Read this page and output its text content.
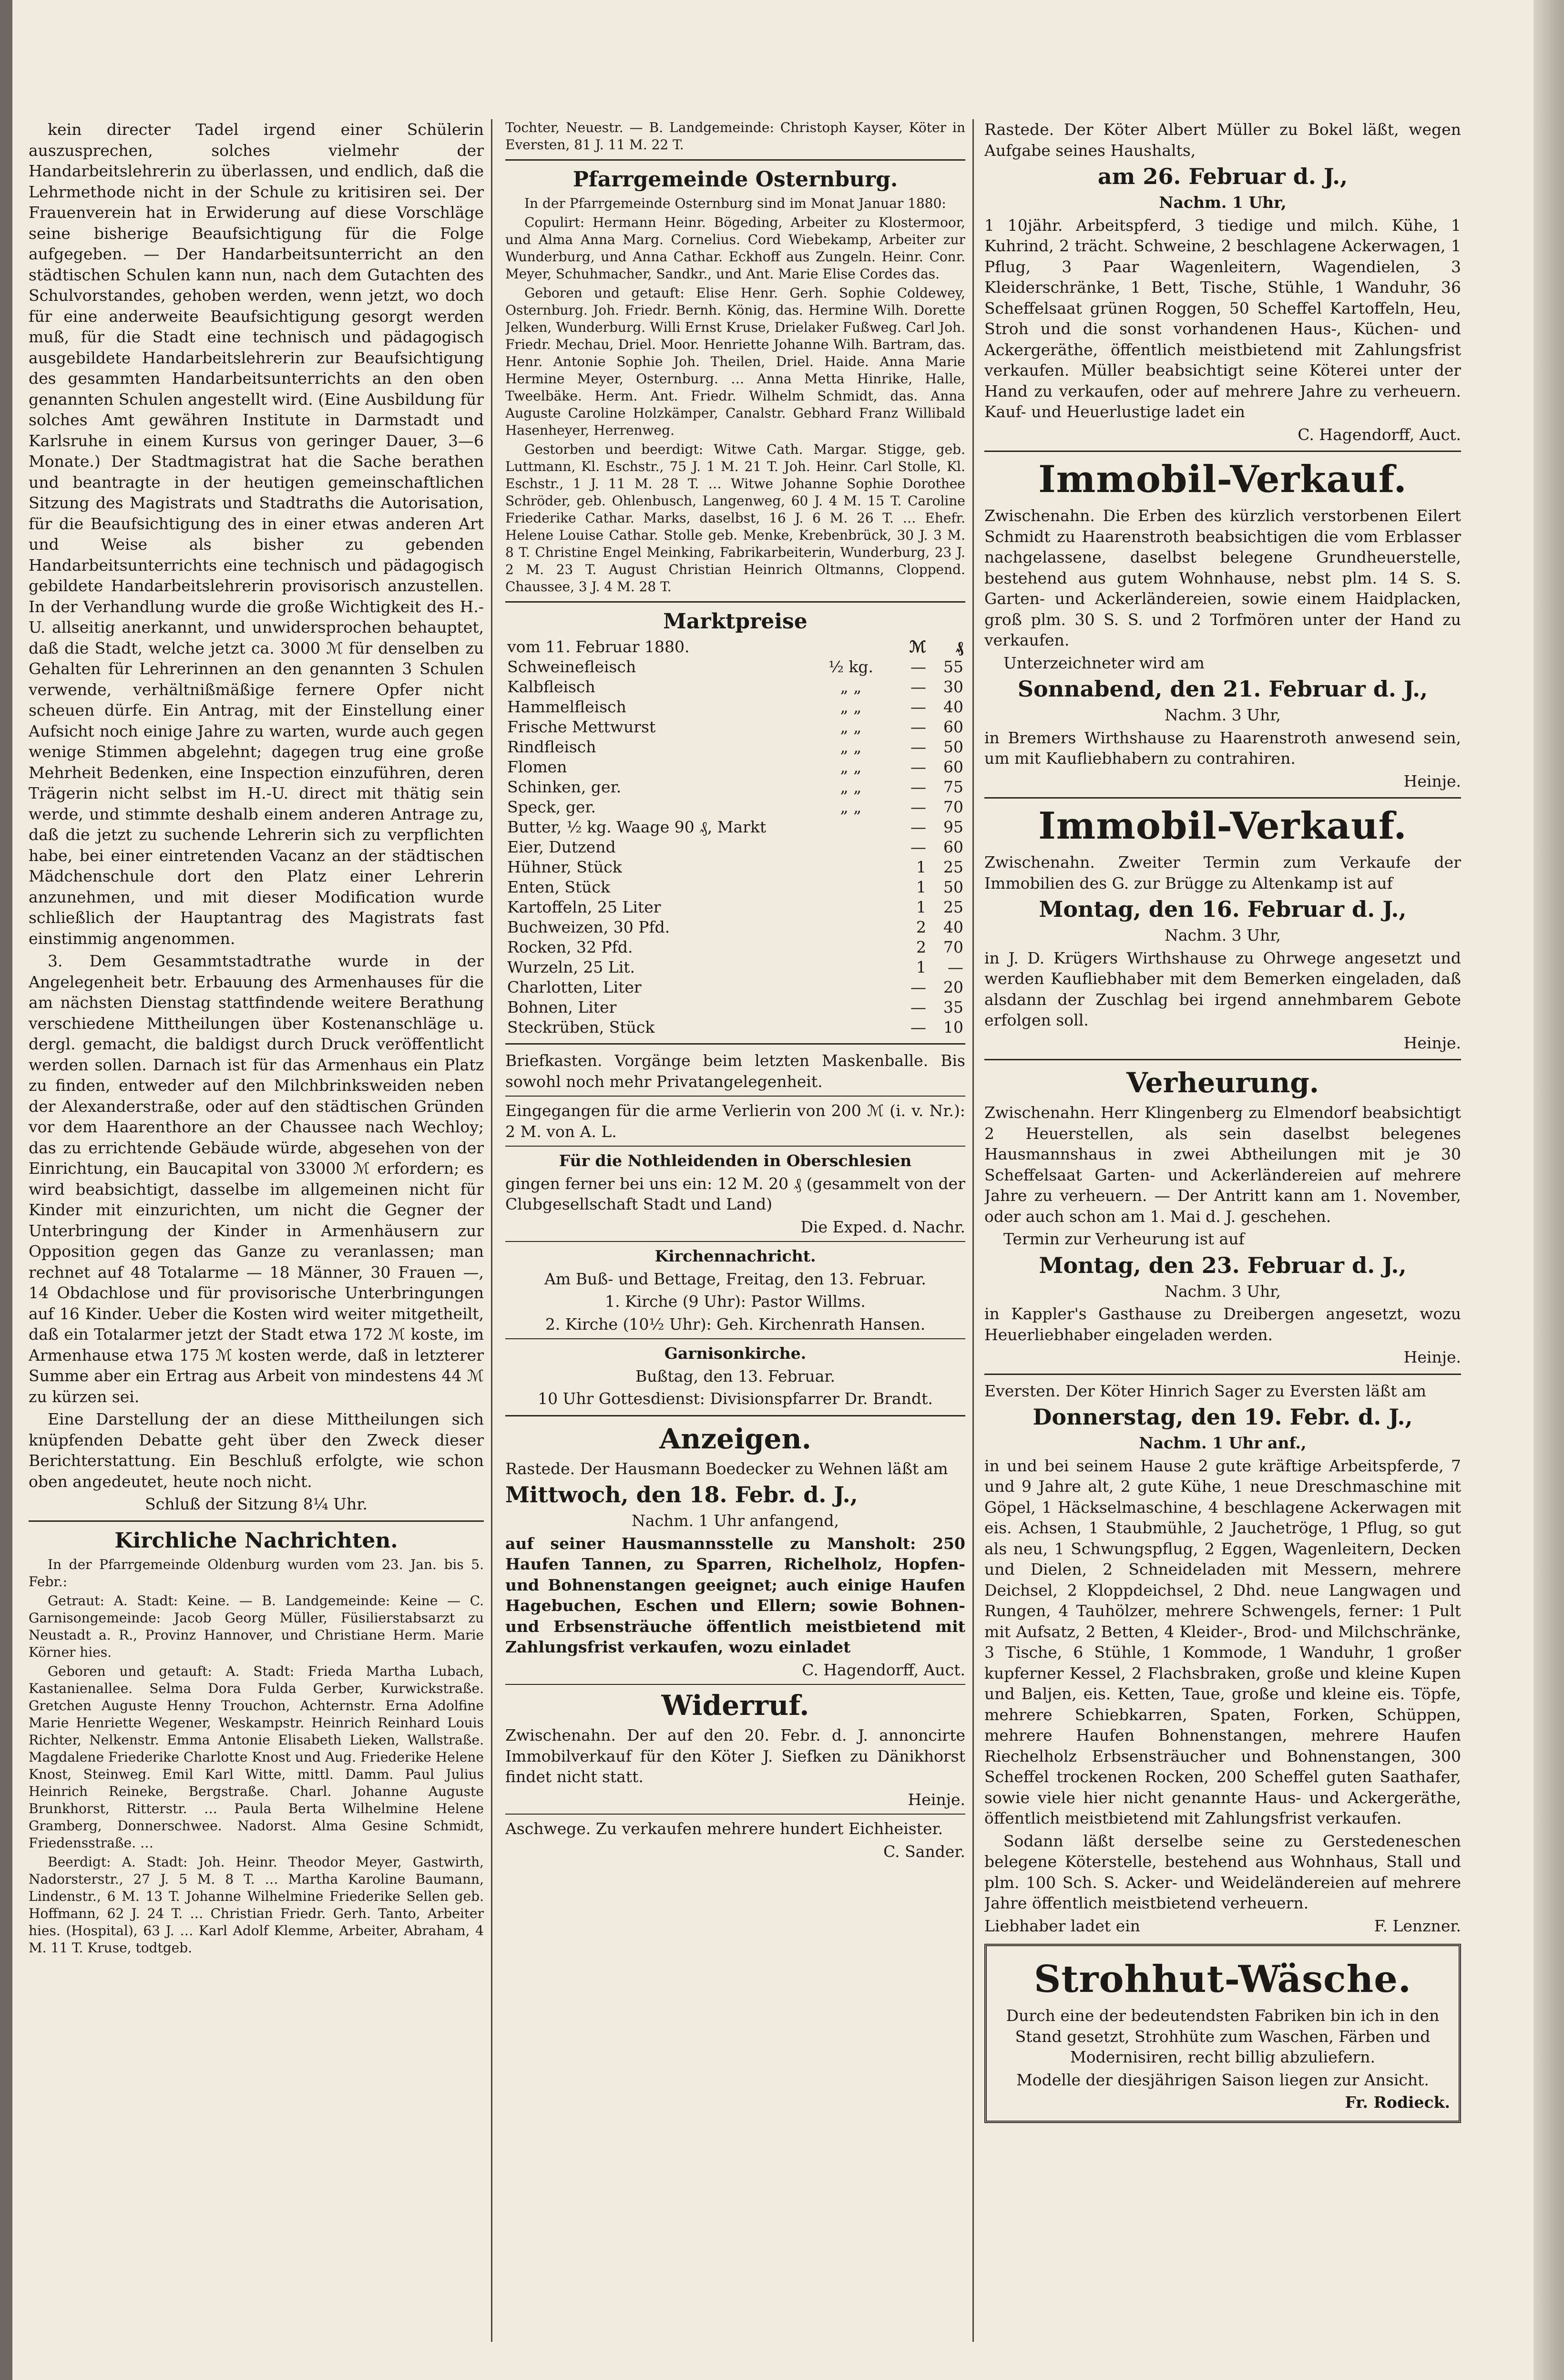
kein directer Tadel irgend einer Schülerin auszusprechen, solches vielmehr der Handarbeitslehrerin zu überlassen, und endlich, daß die Lehrmethode nicht in der Schule zu kritisiren sei. Der Frauenverein hat in Erwiderung auf diese Vorschläge seine bisherige Beaufsichtigung für die Folge aufgegeben. — Der Handarbeitsunterricht an den städtischen Schulen kann nun, nach dem Gutachten des Schulvorstandes, gehoben werden, wenn jetzt, wo doch für eine anderweite Beaufsichtigung gesorgt werden muß, für die Stadt eine technisch und pädagogisch ausgebildete Handarbeitslehrerin zur Beaufsichtigung des gesammten Handarbeitsunterrichts an den oben genannten Schulen angestellt wird. (Eine Ausbildung für solches Amt gewähren Institute in Darmstadt und Karlsruhe in einem Kursus von geringer Dauer, 3—6 Monate.) Der Stadtmagistrat hat die Sache berathen und beantragte in der heutigen gemeinschaftlichen Sitzung des Magistrats und Stadtraths die Autorisation, für die Beaufsichtigung des in einer etwas anderen Art und Weise als bisher zu gebenden Handarbeitsunterrichts eine technisch und pädagogisch gebildete Handarbeitslehrerin provisorisch anzustellen. In der Verhandlung wurde die große Wichtigkeit des H.-U. allseitig anerkannt, und unwidersprochen behauptet, daß die Stadt, welche jetzt ca. 3000 ℳ für denselben zu Gehalten für Lehrerinnen an den genannten 3 Schulen verwende, verhältnißmäßige fernere Opfer nicht scheuen dürfe. Ein Antrag, mit der Einstellung einer Aufsicht noch einige Jahre zu warten, wurde auch gegen wenige Stimmen abgelehnt; dagegen trug eine große Mehrheit Bedenken, eine Inspection einzuführen, deren Trägerin nicht selbst im H.-U. direct mit thätig sein werde, und stimmte deshalb einem anderen Antrage zu, daß die jetzt zu suchende Lehrerin sich zu verpflichten habe, bei einer eintretenden Vacanz an der städtischen Mädchenschule dort den Platz einer Lehrerin anzunehmen, und mit dieser Modification wurde schließlich der Hauptantrag des Magistrats fast einstimmig angenommen.

3. Dem Gesammtstadtrathe wurde in der Angelegenheit betr. Erbauung des Armenhauses für die am nächsten Dienstag stattfindende weitere Berathung verschiedene Mittheilungen über Kostenanschläge u. dergl. gemacht, die baldigst durch Druck veröffentlicht werden sollen. Darnach ist für das Armenhaus ein Platz zu finden, entweder auf den Milchbrinksweiden neben der Alexanderstraße, oder auf den städtischen Gründen vor dem Haarenthore an der Chaussee nach Wechloy; das zu errichtende Gebäude würde, abgesehen von der Einrichtung, ein Baucapital von 33000 ℳ erfordern; es wird beabsichtigt, dasselbe im allgemeinen nicht für Kinder mit einzurichten, um nicht die Gegner der Unterbringung der Kinder in Armenhäusern zur Opposition gegen das Ganze zu veranlassen; man rechnet auf 48 Totalarme — 18 Männer, 30 Frauen —, 14 Obdachlose und für provisorische Unterbringungen auf 16 Kinder. Ueber die Kosten wird weiter mitgetheilt, daß ein Totalarmer jetzt der Stadt etwa 172 ℳ koste, im Armenhause etwa 175 ℳ kosten werde, daß in letzterer Summe aber ein Ertrag aus Arbeit von mindestens 44 ℳ zu kürzen sei.

Eine Darstellung der an diese Mittheilungen sich knüpfenden Debatte geht über den Zweck dieser Berichterstattung. Ein Beschluß erfolgte, wie schon oben angedeutet, heute noch nicht.

Schluß der Sitzung 8¼ Uhr.

Kirchliche Nachrichten.

In der Pfarrgemeinde Oldenburg wurden vom 23. Jan. bis 5. Febr.:

Getraut: A. Stadt: Keine. — B. Landgemeinde: Keine — C. Garnisongemeinde: Jacob Georg Müller, Füsilierstabsarzt zu Neustadt a. R., Provinz Hannover, und Christiane Herm. Marie Körner hies.

Geboren und getauft: A. Stadt: Frieda Martha Lubach, Kastanienallee. Selma Dora Fulda Gerber, Kurwickstraße. Gretchen Auguste Henny Trouchon, Achternstr. Erna Adolfine Marie Henriette Wegener, Weskampstr. Heinrich Reinhard Louis Richter, Nelkenstr. Emma Antonie Elisabeth Lieken, Wallstraße. Magdalene Friederike Charlotte Knost und Aug. Friederike Helene Knost, Steinweg. Emil Karl Witte, mittl. Damm. Paul Julius Heinrich Reineke, Bergstraße. Charl. Johanne Auguste Brunkhorst, Ritterstr. … Paula Berta Wilhelmine Helene Gramberg, Donnerschwee. Nadorst. Alma Gesine Schmidt, Friedensstraße. …

Beerdigt: A. Stadt: Joh. Heinr. Theodor Meyer, Gastwirth, Nadorsterstr., 27 J. 5 M. 8 T. … Martha Karoline Baumann, Lindenstr., 6 M. 13 T. Johanne Wilhelmine Friederike Sellen geb. Hoffmann, 62 J. 24 T. … Christian Friedr. Gerh. Tanto, Arbeiter hies. (Hospital), 63 J. … Karl Adolf Klemme, Arbeiter, Abraham, 4 M. 11 T. Kruse, todtgeb.

Tochter, Neuestr. — B. Landgemeinde: Christoph Kayser, Köter in Eversten, 81 J. 11 M. 22 T.

Pfarrgemeinde Osternburg.

In der Pfarrgemeinde Osternburg sind im Monat Januar 1880:

Copulirt: Hermann Heinr. Bögeding, Arbeiter zu Klostermoor, und Alma Anna Marg. Cornelius. Cord Wiebekamp, Arbeiter zur Wunderburg, und Anna Cathar. Eckhoff aus Zungeln. Heinr. Conr. Meyer, Schuhmacher, Sandkr., und Ant. Marie Elise Cordes das.

Geboren und getauft: Elise Henr. Gerh. Sophie Coldewey, Osternburg. Joh. Friedr. Bernh. König, das. Hermine Wilh. Dorette Jelken, Wunderburg. Willi Ernst Kruse, Drielaker Fußweg. Carl Joh. Friedr. Mechau, Driel. Moor. Henriette Johanne Wilh. Bartram, das. Henr. Antonie Sophie Joh. Theilen, Driel. Haide. Anna Marie Hermine Meyer, Osternburg. … Anna Metta Hinrike, Halle, Tweelbäke. Herm. Ant. Friedr. Wilhelm Schmidt, das. Anna Auguste Caroline Holzkämper, Canalstr. Gebhard Franz Willibald Hasenheyer, Herrenweg.

Gestorben und beerdigt: Witwe Cath. Margar. Stigge, geb. Luttmann, Kl. Eschstr., 75 J. 1 M. 21 T. Joh. Heinr. Carl Stolle, Kl. Eschstr., 1 J. 11 M. 28 T. … Witwe Johanne Sophie Dorothee Schröder, geb. Ohlenbusch, Langenweg, 60 J. 4 M. 15 T. Caroline Friederike Cathar. Marks, daselbst, 16 J. 6 M. 26 T. … Ehefr. Helene Louise Cathar. Stolle geb. Menke, Krebenbrück, 30 J. 3 M. 8 T. Christine Engel Meinking, Fabrikarbeiterin, Wunderburg, 23 J. 2 M. 23 T. August Christian Heinrich Oltmanns, Cloppend. Chaussee, 3 J. 4 M. 28 T.

Marktpreise
vom 11. Februar 1880.		ℳ	₰
Schweinefleisch	½ kg.	—	55
Kalbfleisch	„ „	—	30
Hammelfleisch	„ „	—	40
Frische Mettwurst	„ „	—	60
Rindfleisch	„ „	—	50
Flomen	„ „	—	60
Schinken, ger.	„ „	—	75
Speck, ger.	„ „	—	70
Butter, ½ kg. Waage 90 ₰, Markt		—	95
Eier, Dutzend		—	60
Hühner, Stück		1	25
Enten, Stück		1	50
Kartoffeln, 25 Liter		1	25
Buchweizen, 30 Pfd.		2	40
Rocken, 32 Pfd.		2	70
Wurzeln, 25 Lit.		1	—
Charlotten, Liter		—	20
Bohnen, Liter		—	35
Steckrüben, Stück		—	10

Briefkasten. Vorgänge beim letzten Maskenballe. Bis sowohl noch mehr Privatangelegenheit.

Eingegangen für die arme Verlierin von 200 ℳ (i. v. Nr.): 2 M. von A. L.

Für die Nothleidenden in Oberschlesien

gingen ferner bei uns ein: 12 M. 20 ₰ (gesammelt von der Clubgesellschaft Stadt und Land)

Die Exped. d. Nachr.

Kirchennachricht.

Am Buß- und Bettage, Freitag, den 13. Februar.

1. Kirche (9 Uhr): Pastor Willms.

2. Kirche (10½ Uhr): Geh. Kirchenrath Hansen.

Garnisonkirche.

Bußtag, den 13. Februar.

10 Uhr Gottesdienst: Divisionspfarrer Dr. Brandt.

Anzeigen.

Rastede. Der Hausmann Boedecker zu Wehnen läßt am

Mittwoch, den 18. Febr. d. J.,

Nachm. 1 Uhr anfangend,

auf seiner Hausmannsstelle zu Mansholt: 250 Haufen Tannen, zu Sparren, Richelholz, Hopfen- und Bohnenstangen geeignet; auch einige Haufen Hagebuchen, Eschen und Ellern; sowie Bohnen- und Erbsensträuche öffentlich meistbietend mit Zahlungsfrist verkaufen, wozu einladet

C. Hagendorff, Auct.

Widerruf.

Zwischenahn. Der auf den 20. Febr. d. J. annoncirte Immobilverkauf für den Köter J. Siefken zu Dänikhorst findet nicht statt.

Heinje.

Aschwege. Zu verkaufen mehrere hundert Eichheister.

C. Sander.

Rastede. Der Köter Albert Müller zu Bokel läßt, wegen Aufgabe seines Haushalts,

am 26. Februar d. J.,

Nachm. 1 Uhr,

1 10jähr. Arbeitspferd, 3 tiedige und milch. Kühe, 1 Kuhrind, 2 trächt. Schweine, 2 beschlagene Ackerwagen, 1 Pflug, 3 Paar Wagenleitern, Wagendielen, 3 Kleiderschränke, 1 Bett, Tische, Stühle, 1 Wanduhr, 36 Scheffelsaat grünen Roggen, 50 Scheffel Kartoffeln, Heu, Stroh und die sonst vorhandenen Haus-, Küchen- und Ackergeräthe, öffentlich meistbietend mit Zahlungsfrist verkaufen. Müller beabsichtigt seine Köterei unter der Hand zu verkaufen, oder auf mehrere Jahre zu verheuern. Kauf- und Heuerlustige ladet ein

C. Hagendorff, Auct.

Immobil-Verkauf.

Zwischenahn. Die Erben des kürzlich verstorbenen Eilert Schmidt zu Haarenstroth beabsichtigen die vom Erblasser nachgelassene, daselbst belegene Grundheuerstelle, bestehend aus gutem Wohnhause, nebst plm. 14 S. S. Garten- und Ackerländereien, sowie einem Haidplacken, groß plm. 30 S. S. und 2 Torfmören unter der Hand zu verkaufen.

Unterzeichneter wird am

Sonnabend, den 21. Februar d. J.,

Nachm. 3 Uhr,

in Bremers Wirthshause zu Haarenstroth anwesend sein, um mit Kaufliebhabern zu contrahiren.

Heinje.

Immobil-Verkauf.

Zwischenahn. Zweiter Termin zum Verkaufe der Immobilien des G. zur Brügge zu Altenkamp ist auf

Montag, den 16. Februar d. J.,

Nachm. 3 Uhr,

in J. D. Krügers Wirthshause zu Ohrwege angesetzt und werden Kaufliebhaber mit dem Bemerken eingeladen, daß alsdann der Zuschlag bei irgend annehmbarem Gebote erfolgen soll.

Heinje.

Verheurung.

Zwischenahn. Herr Klingenberg zu Elmendorf beabsichtigt 2 Heuerstellen, als sein daselbst belegenes Hausmannshaus in zwei Abtheilungen mit je 30 Scheffelsaat Garten- und Ackerländereien auf mehrere Jahre zu verheuern. — Der Antritt kann am 1. November, oder auch schon am 1. Mai d. J. geschehen.

Termin zur Verheurung ist auf

Montag, den 23. Februar d. J.,

Nachm. 3 Uhr,

in Kappler's Gasthause zu Dreibergen angesetzt, wozu Heuerliebhaber eingeladen werden.

Heinje.

Eversten. Der Köter Hinrich Sager zu Eversten läßt am

Donnerstag, den 19. Febr. d. J.,

Nachm. 1 Uhr anf.,

in und bei seinem Hause 2 gute kräftige Arbeitspferde, 7 und 9 Jahre alt, 2 gute Kühe, 1 neue Dreschmaschine mit Göpel, 1 Häckselmaschine, 4 beschlagene Ackerwagen mit eis. Achsen, 1 Staubmühle, 2 Jauchetröge, 1 Pflug, so gut als neu, 1 Schwungspflug, 2 Eggen, Wagenleitern, Decken und Dielen, 2 Schneideladen mit Messern, mehrere Deichsel, 2 Kloppdeichsel, 2 Dhd. neue Langwagen und Rungen, 4 Tauhölzer, mehrere Schwengels, ferner: 1 Pult mit Aufsatz, 2 Betten, 4 Kleider-, Brod- und Milchschränke, 3 Tische, 6 Stühle, 1 Kommode, 1 Wanduhr, 1 großer kupferner Kessel, 2 Flachsbraken, große und kleine Kupen und Baljen, eis. Ketten, Taue, große und kleine eis. Töpfe, mehrere Schiebkarren, Spaten, Forken, Schüppen, mehrere Haufen Bohnenstangen, mehrere Haufen Riechelholz Erbsensträucher und Bohnenstangen, 300 Scheffel trockenen Rocken, 200 Scheffel guten Saathafer, sowie viele hier nicht genannte Haus- und Ackergeräthe, öffentlich meistbietend mit Zahlungsfrist verkaufen.

Sodann läßt derselbe seine zu Gerstedeneschen belegene Köterstelle, bestehend aus Wohnhaus, Stall und plm. 100 Sch. S. Acker- und Weideländereien auf mehrere Jahre öffentlich meistbietend verheuern.

Liebhaber ladet ein	F. Lenzner.

Strohhut-Wäsche.

Durch eine der bedeutendsten Fabriken bin ich in den Stand gesetzt, Strohhüte zum Waschen, Färben und Modernisiren, recht billig abzuliefern.

Modelle der diesjährigen Saison liegen zur Ansicht.

Fr. Rodieck.
